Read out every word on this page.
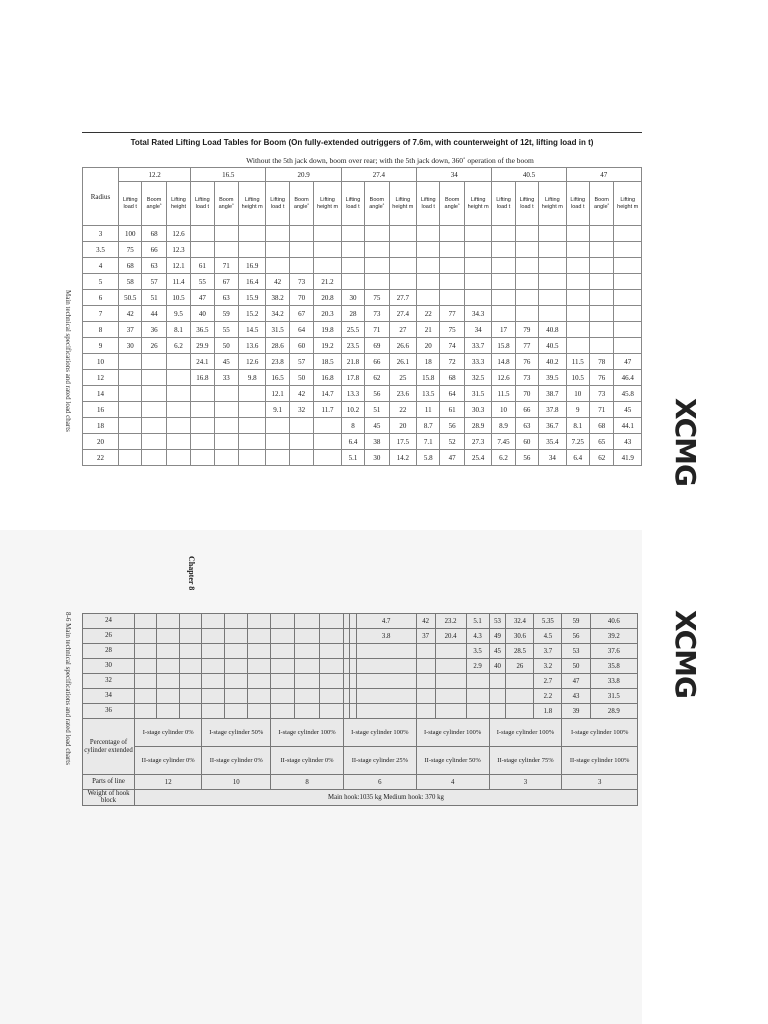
Total Rated Lifting Load Tables for Boom (On fully-extended outriggers of 7.6m, with counterweight of 12t, lifting load in t)
Without the 5th jack down, boom over rear; with the 5th jack down, 360˚ operation of the boom
Radius	12.2			16.5			20.9			27.4			34			40.5			47		
	Lifting load t	Boom angle˚	Lifting height	Lifting load t	Boom angle˚	Lifting height m	Lifting load t	Boom angle˚	Lifting height m	Lifting load t	Boom angle˚	Lifting height m	Lifting load t	Boom angle˚	Lifting height m	Lifting load t	Lifting load t	Lifting height m	Lifting load t	Boom angle˚	Lifting height m
3	100	68	12.6																		
3.5	75	66	12.3																		
4	68	63	12.1	61	71	16.9															
5	58	57	11.4	55	67	16.4	42	73	21.2												
6	50.5	51	10.5	47	63	15.9	38.2	70	20.8	30	75	27.7									
7	42	44	9.5	40	59	15.2	34.2	67	20.3	28	73	27.4	22	77	34.3						
8	37	36	8.1	36.5	55	14.5	31.5	64	19.8	25.5	71	27	21	75	34	17	79	40.8			
9	30	26	6.2	29.9	50	13.6	28.6	60	19.2	23.5	69	26.6	20	74	33.7	15.8	77	40.5			
10				24.1	45	12.6	23.8	57	18.5	21.8	66	26.1	18	72	33.3	14.8	76	40.2	11.5	78	47
12				16.8	33	9.8	16.5	50	16.8	17.8	62	25	15.8	68	32.5	12.6	73	39.5	10.5	76	46.4
14							12.1	42	14.7	13.3	56	23.6	13.5	64	31.5	11.5	70	38.7	10	73	45.8
16							9.1	32	11.7	10.2	51	22	11	61	30.3	10	66	37.8	9	71	45
18										8	45	20	8.7	56	28.9	8.9	63	36.7	8.1	68	44.1
20										6.4	38	17.5	7.1	52	27.3	7.45	60	35.4	7.25	65	43
22										5.1	30	14.2	5.8	47	25.4	6.2	56	34	6.4	62	41.9
24												4.7	42	23.2	5.1	53	32.4	5.35	59	40.6
26												3.8	37	20.4	4.3	49	30.6	4.5	56	39.2
28															3.5	45	28.5	3.7	53	37.6
30															2.9	40	26	3.2	50	35.8
32																		2.7	47	33.8
34																		2.2	43	31.5
36																		1.8	39	28.9
Percentage of cylinder extended	I-stage cylinder 0%			I-stage cylinder 50%			I-stage cylinder 100%			I-stage cylinder 100%			I-stage cylinder 100%			I-stage cylinder 100%			I-stage cylinder 100%	
	II-stage cylinder 0%			II-stage cylinder 0%			II-stage cylinder 0%			II-stage cylinder 25%			II-stage cylinder 50%			II-stage cylinder 75%			II-stage cylinder 100%	
Parts of line	12			10			8			6			4			3			3	
Weight of hook block	Main hook:1035 kg Medium hook: 370 kg																			
Main technical specifications and rated load charts
8-6 Main technical specifications and rated load charts
Chapter 8
XCMG
XCMG
